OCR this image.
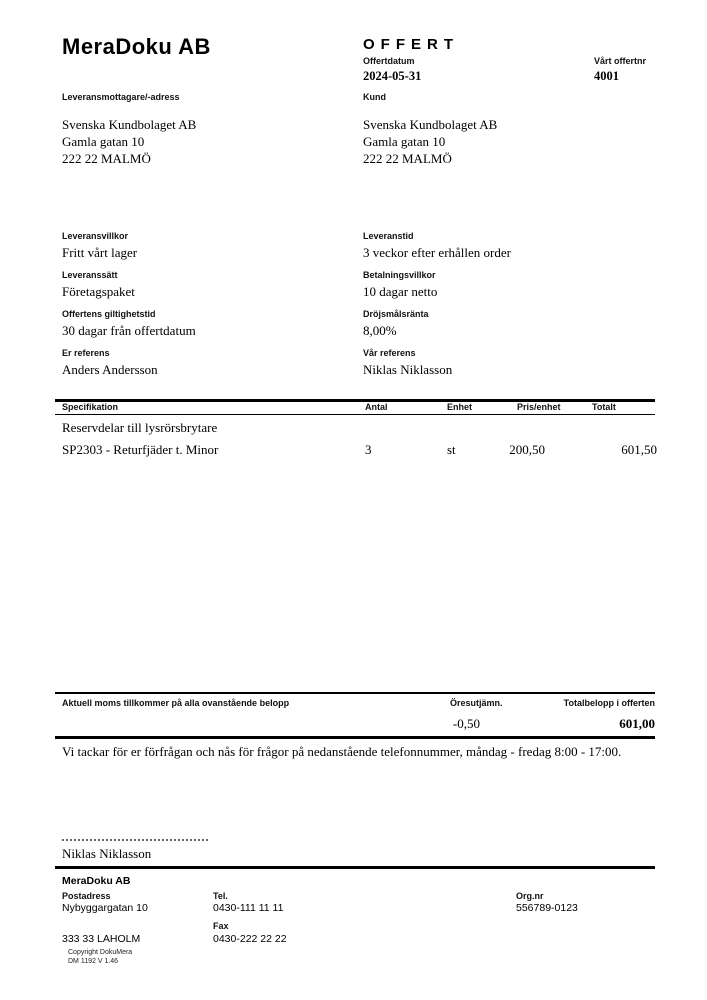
MeraDoku AB	OFFERT
Offertdatum
2024-05-31
Vårt offertnr
4001
Leveransmottagare/-adress	Kund
Svenska Kundbolaget AB
Gamla gatan 10
222 22 MALMÖ
Svenska Kundbolaget AB
Gamla gatan 10
222 22 MALMÖ
Leveransvillkor
Fritt vårt lager
Leveranstid
3 veckor efter erhållen order
Leveranssätt
Företagspaket
Betalningsvillkor
10 dagar netto
Offertens giltighetstid
30 dagar från offertdatum
Dröjsmålsränta
8,00%
Er referens
Anders Andersson
Vår referens
Niklas Niklasson
Specifikation	Antal	Enhet	Pris/enhet	Totalt
Reservdelar till lysrörsbrytare
SP2303 - Returfjäder t. Minor	3	st	200,50	601,50
Aktuell moms tillkommer på alla ovanstående belopp	Öresutjämn.	Totalbelopp i offerten
-0,50	601,00
Vi tackar för er förfrågan och nås för frågor på nedanstående telefonnummer, måndag - fredag 8:00 - 17:00.
Niklas Niklasson
MeraDoku AB
Postadress
Nybyggargatan 10
Tel.
0430-111 11 11
Org.nr
556789-0123
Fax
0430-222 22 22
333 33 LAHOLM
Copyright DokuMera
DM 1192 V 1.46
